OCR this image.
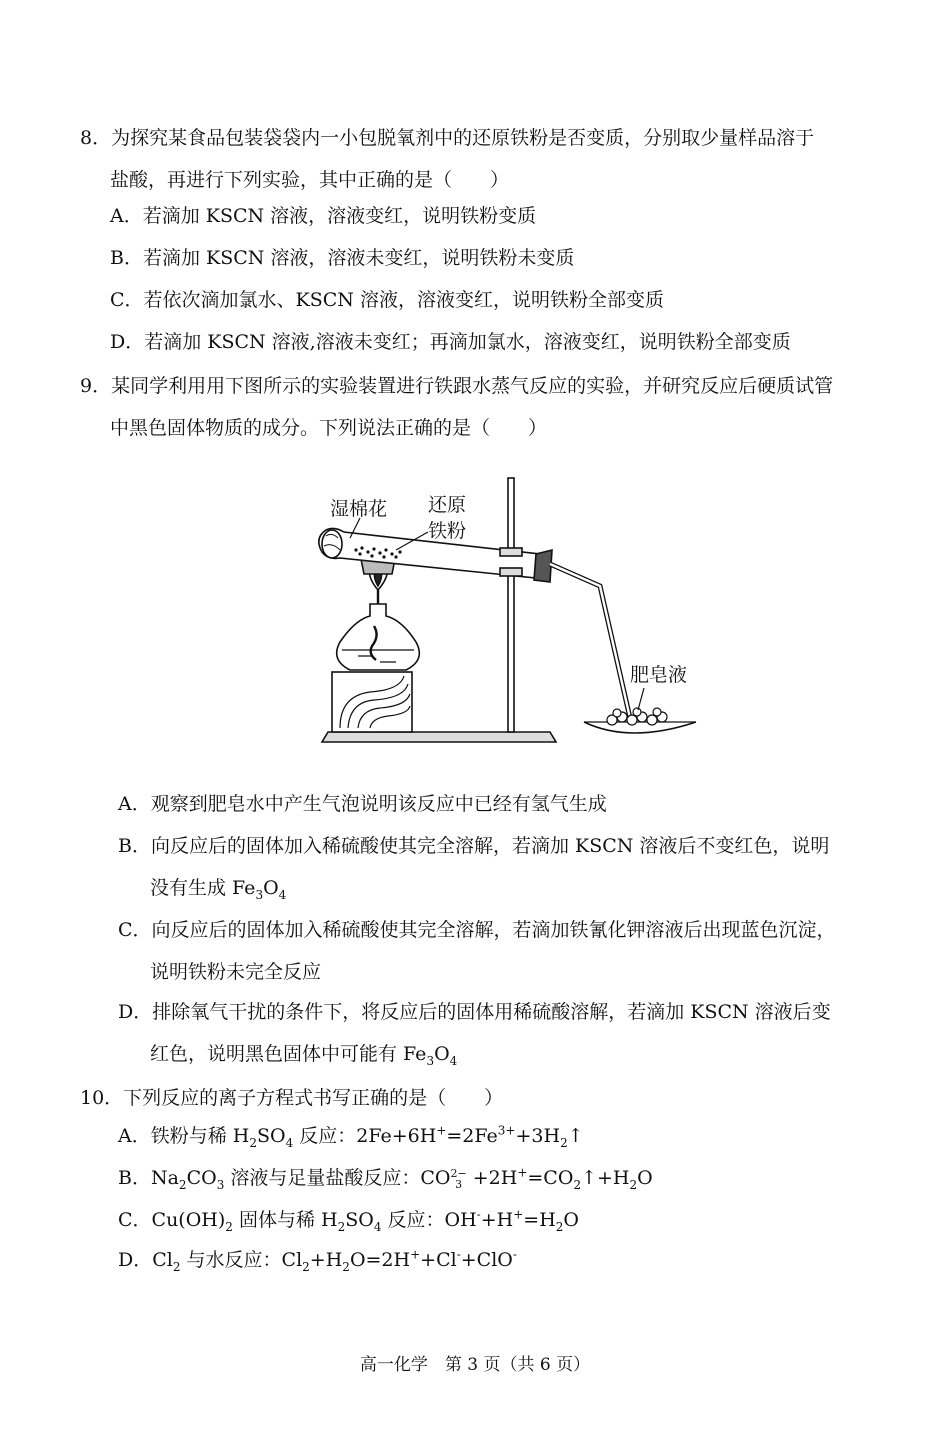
8．为探究某食品包装袋袋内一小包脱氧剂中的还原铁粉是否变质，分别取少量样品溶于
盐酸，再进行下列实验，其中正确的是（　　）
A．若滴加 KSCN 溶液，溶液变红，说明铁粉变质
B．若滴加 KSCN 溶液，溶液未变红，说明铁粉未变质
C．若依次滴加氯水、KSCN 溶液，溶液变红，说明铁粉全部变质
D．若滴加 KSCN 溶液,溶液未变红；再滴加氯水，溶液变红，说明铁粉全部变质
9．某同学利用用下图所示的实验装置进行铁跟水蒸气反应的实验，并研究反应后硬质试管
中黑色固体物质的成分。下列说法正确的是（　　）
湿棉花 还原
铁粉
肥皂液
A．观察到肥皂水中产生气泡说明该反应中已经有氢气生成
B．向反应后的固体加入稀硫酸使其完全溶解，若滴加 KSCN 溶液后不变红色，说明
没有生成 $Fe_3O_4$
C．向反应后的固体加入稀硫酸使其完全溶解，若滴加铁氰化钾溶液后出现蓝色沉淀，
说明铁粉未完全反应
D．排除氧气干扰的条件下，将反应后的固体用稀硫酸溶解，若滴加 KSCN 溶液后变
红色，说明黑色固体中可能有 $Fe_3O_4$
10．下列反应的离子方程式书写正确的是（　　）
A．铁粉与稀 $H_2SO_4$ 反应：$2Fe+6H^+=2Fe^{3+}+3H_2↑$
B．$Na_2CO_3$ 溶液与足量盐酸反应：CO 2−
$3 +2H^+=CO_2↑+H_2O$
C．$Cu(OH)_2$ 固体与稀 $H_2SO_4$ 反应：$OH^-+H^+=H_2O$
D．$Cl_2$ 与水反应：$Cl_2+H_2O=2H^++Cl^-+ClO^-$
高一化学　第 3 页（共 6 页）
